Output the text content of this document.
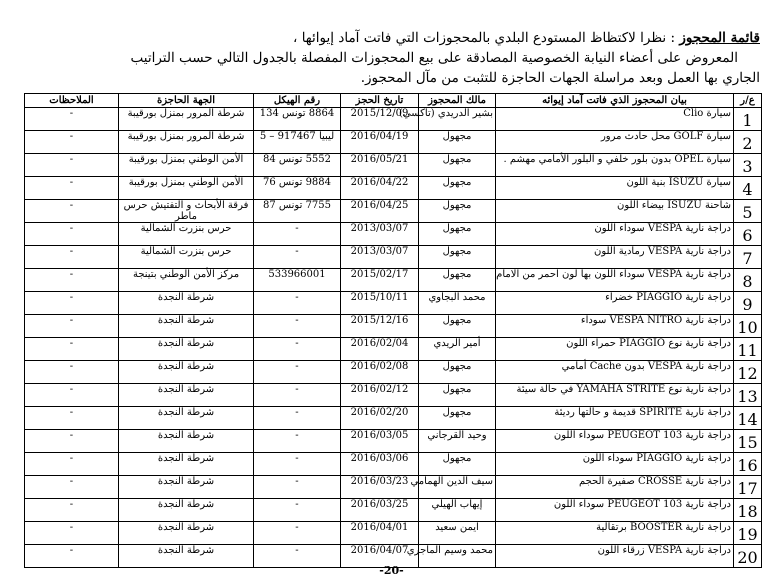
قائمة المحجوز : نظرا لاكتظاظ المستودع البلدي بالمحجوزات التي فاتت آماد إيوائها ،
المعروض على أعضاء النيابة الخصوصية المصادقة على بيع المحجوزات المفصلة بالجدول التالي حسب التراتيب
الجاري بها العمل وبعد مراسلة الجهات الحاجزة للتثبت من مآل المحجوز.
ع/ر	بيان المحجوز الذي فاتت آماد إيوائه	مالك المحجوز	تاريخ الحجز	رقم الهيكل	الجهة الحاجزة	الملاحظات
1	سيارة Clio	بشير الدريدي (تاكسي)	2015/12/09	8864 تونس 134	شرطة المرور بمنزل بورقيبة	-
2	سيارة GOLF محل حادث مرور	مجهول	2016/04/19	ليبيا 917467 – 5	شرطة المرور بمنزل بورقيبة	-
3	سيارة OPEL بدون بلور خلفي و البلور الأمامي مهشم .	مجهول	2016/05/21	5552 تونس 84	الأمن الوطني بمنزل بورقيبة	-
4	سيارة ISUZU بنية اللون	مجهول	2016/04/22	9884 تونس 76	الأمن الوطني بمنزل بورقيبة	-
5	شاحنة ISUZU بيضاء اللون	مجهول	2016/04/25	7755 تونس 87	فرقة الأبحاث و التفتيش حرس ماطر	-
6	دراجة نارية VESPA سوداء اللون	مجهول	2013/03/07	-	حرس بنزرت الشمالية	-
7	دراجة نارية VESPA رمادية اللون	مجهول	2013/03/07	-	حرس بنزرت الشمالية	-
8	دراجة نارية VESPA سوداء اللون بها لون احمر من الامام	مجهول	2015/02/17	533966001	مركز الأمن الوطني بتينجة	-
9	دراجة نارية PIAGGIO خضراء	محمد البجاوي	2015/10/11	-	شرطة النجدة	-
10	دراجة نارية VESPA NITRO سوداء	مجهول	2015/12/16	-	شرطة النجدة	-
11	دراجة نارية نوع PIAGGIO حمراء اللون	أمير الريدي	2016/02/04	-	شرطة النجدة	-
12	دراجة نارية VESPA بدون Cache أمامي	مجهول	2016/02/08	-	شرطة النجدة	-
13	دراجة نارية نوع YAMAHA STRITE في حالة سيئة	مجهول	2016/02/12	-	شرطة النجدة	-
14	دراجة نارية SPIRITE قديمة و حالتها رديئة	مجهول	2016/02/20	-	شرطة النجدة	-
15	دراجة نارية PEUGEOT 103 سوداء اللون	وحيد القرجاني	2016/03/05	-	شرطة النجدة	-
16	دراجة نارية PIAGGIO سوداء اللون	مجهول	2016/03/06	-	شرطة النجدة	-
17	دراجة نارية CROSSE صفيرة الحجم	سيف الدين الهمامي	2016/03/23	-	شرطة النجدة	-
18	دراجة نارية PEUGEOT 103 سوداء اللون	إيهاب الهيلي	2016/03/25	-	شرطة النجدة	-
19	دراجة نارية BOOSTER برتقالية	ايمن سعيد	2016/04/01	-	شرطة النجدة	-
20	دراجة نارية VESPA زرقاء اللون	محمد وسيم الماجري	2016/04/07	-	شرطة النجدة	-
-20-
